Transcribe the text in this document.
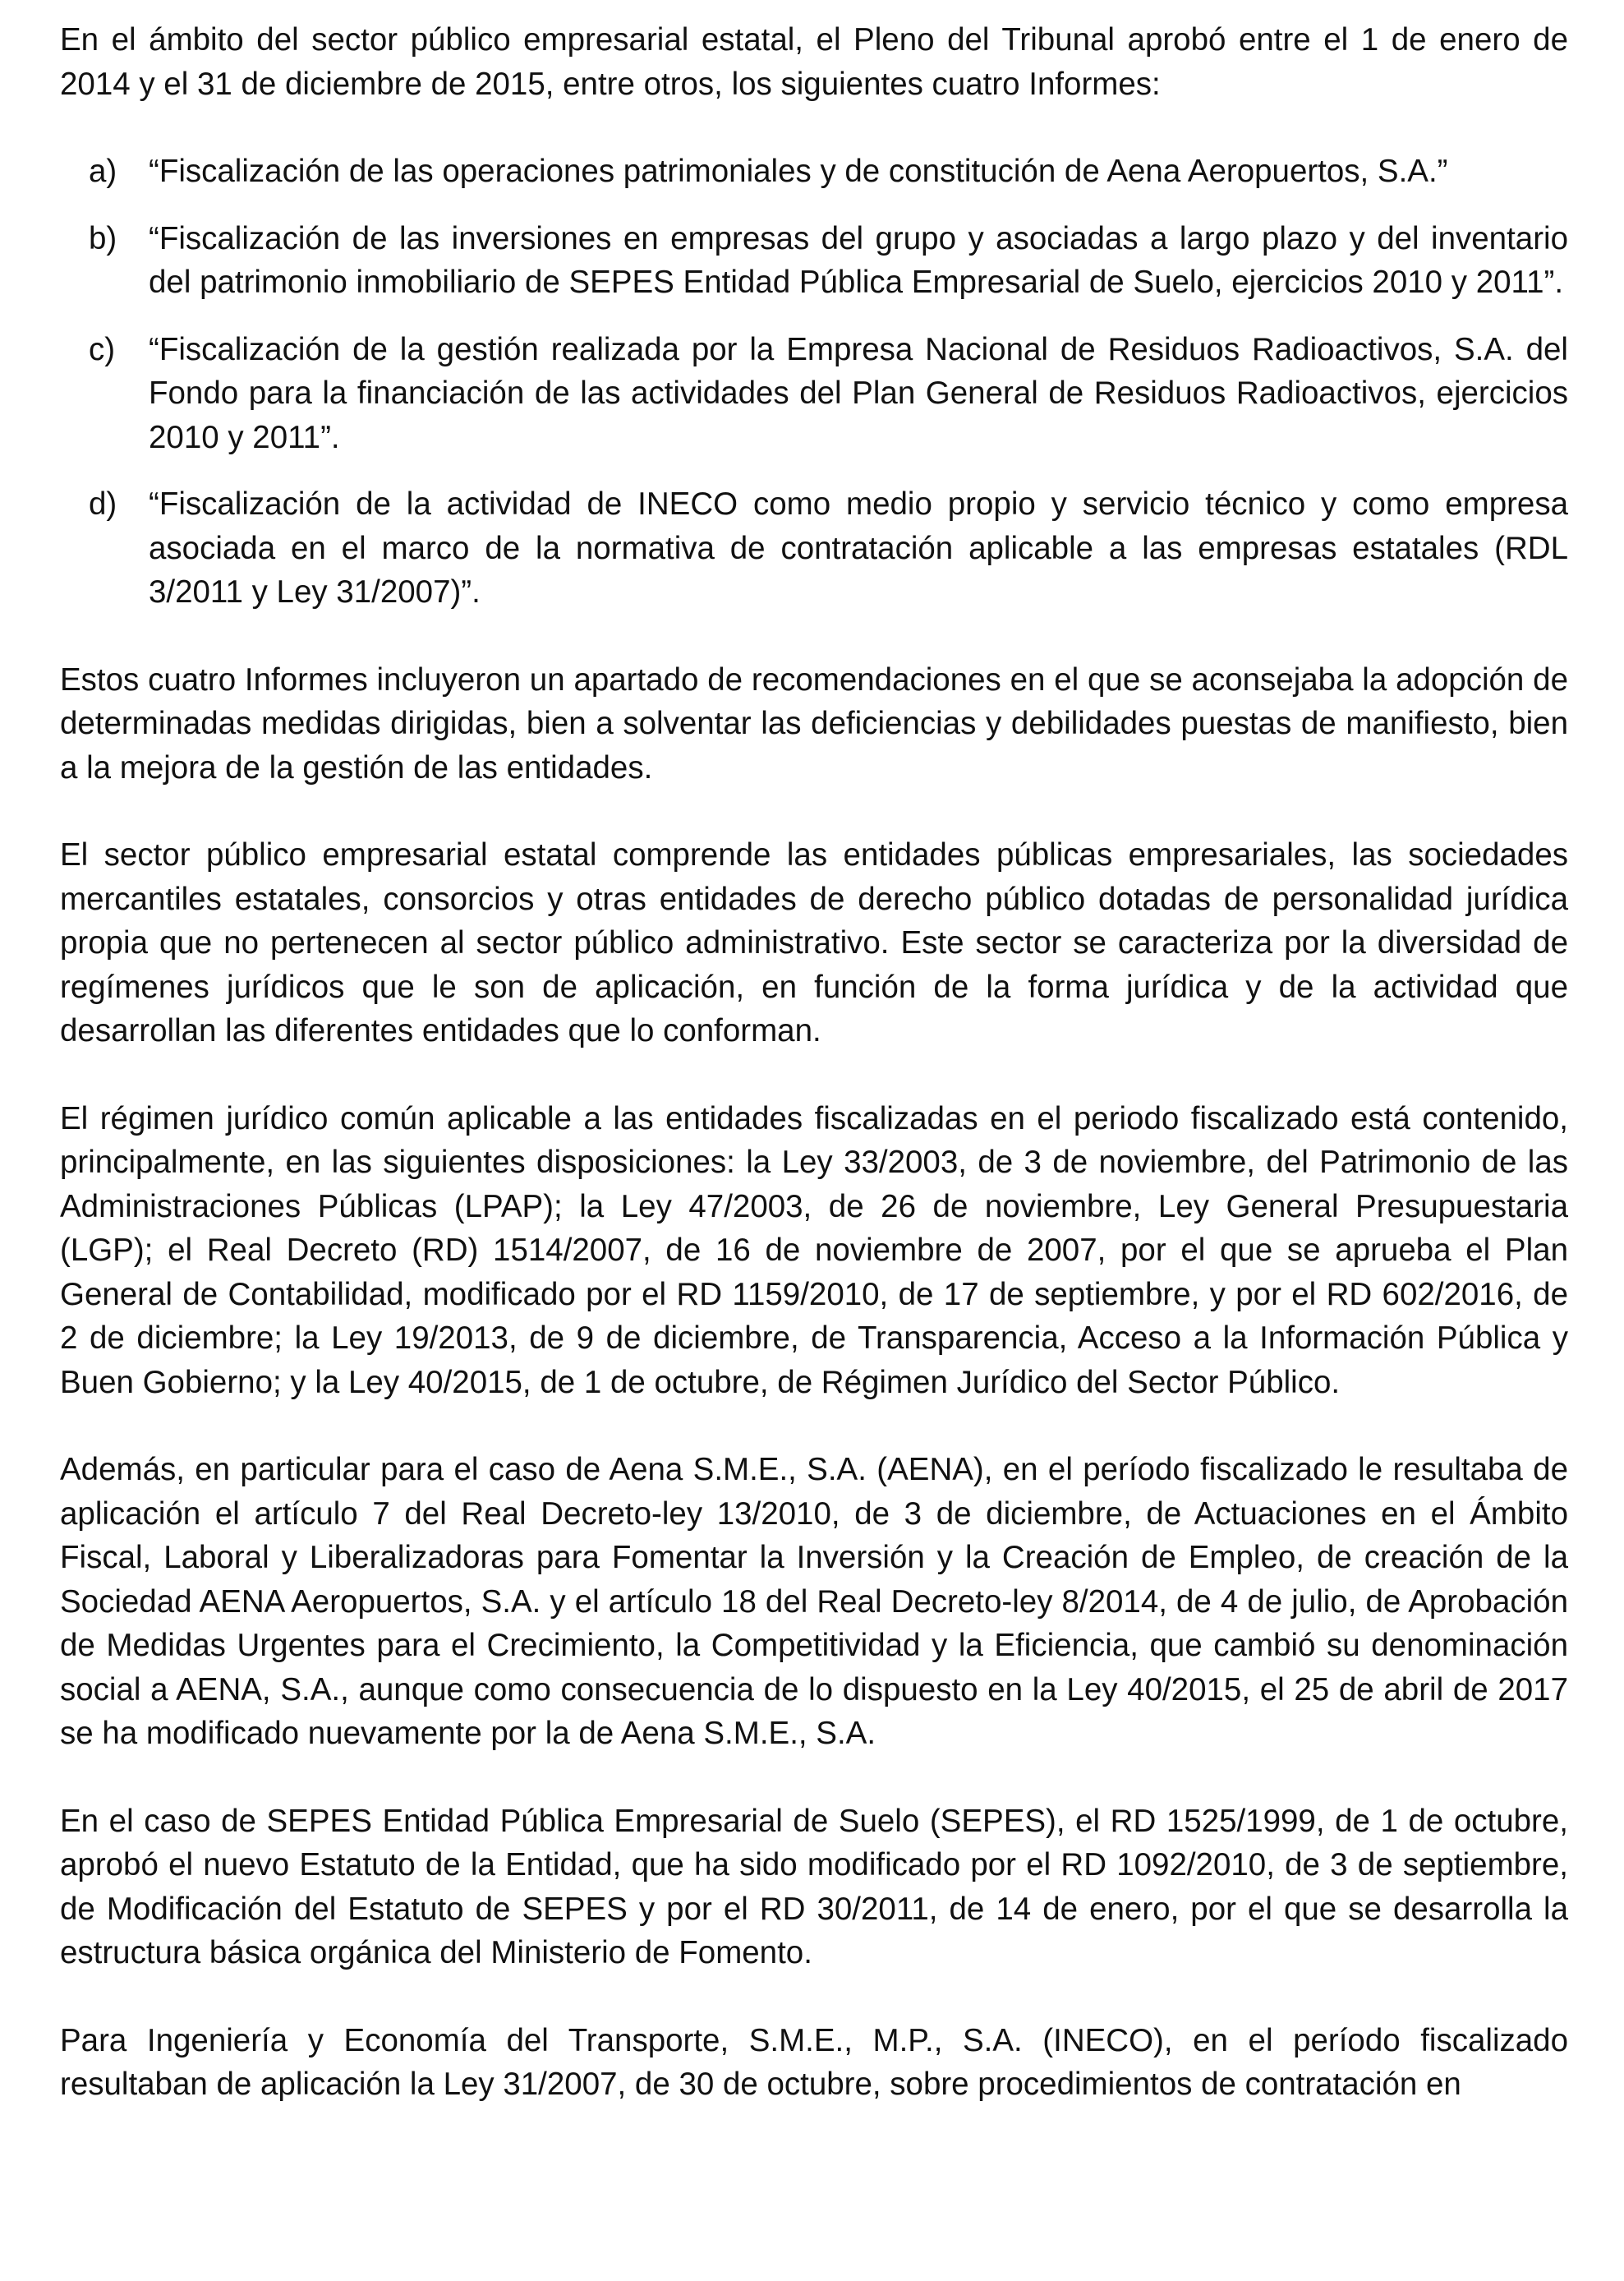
En el ámbito del sector público empresarial estatal, el Pleno del Tribunal aprobó entre el 1 de enero de 2014 y el 31 de diciembre de 2015, entre otros, los siguientes cuatro Informes:

a)	“Fiscalización de las operaciones patrimoniales y de constitución de Aena Aeropuertos, S.A.”
b)	“Fiscalización de las inversiones en empresas del grupo y asociadas a largo plazo y del inventario del patrimonio inmobiliario de SEPES Entidad Pública Empresarial de Suelo, ejercicios 2010 y 2011”.
c)	“Fiscalización de la gestión realizada por la Empresa Nacional de Residuos Radioactivos, S.A. del Fondo para la financiación de las actividades del Plan General de Residuos Radioactivos, ejercicios 2010 y 2011”.
d)	“Fiscalización de la actividad de INECO como medio propio y servicio técnico y como empresa asociada en el marco de la normativa de contratación aplicable a las empresas estatales (RDL 3/2011 y Ley 31/2007)”.

Estos cuatro Informes incluyeron un apartado de recomendaciones en el que se aconsejaba la adopción de determinadas medidas dirigidas, bien a solventar las deficiencias y debilidades puestas de manifiesto, bien a la mejora de la gestión de las entidades.

El sector público empresarial estatal comprende las entidades públicas empresariales, las sociedades mercantiles estatales, consorcios y otras entidades de derecho público dotadas de personalidad jurídica propia que no pertenecen al sector público administrativo. Este sector se caracteriza por la diversidad de regímenes jurídicos que le son de aplicación, en función de la forma jurídica y de la actividad que desarrollan las diferentes entidades que lo conforman.

El régimen jurídico común aplicable a las entidades fiscalizadas en el periodo fiscalizado está contenido, principalmente, en las siguientes disposiciones: la Ley 33/2003, de 3 de noviembre, del Patrimonio de las Administraciones Públicas (LPAP); la Ley 47/2003, de 26 de noviembre, Ley General Presupuestaria (LGP); el Real Decreto (RD) 1514/2007, de 16 de noviembre de 2007, por el que se aprueba el Plan General de Contabilidad, modificado por el RD 1159/2010, de 17 de septiembre, y por el RD 602/2016, de 2 de diciembre; la Ley 19/2013, de 9 de diciembre, de Transparencia, Acceso a la Información Pública y Buen Gobierno; y la Ley 40/2015, de 1 de octubre, de Régimen Jurídico del Sector Público.

Además, en particular para el caso de Aena S.M.E., S.A. (AENA), en el período fiscalizado le resultaba de aplicación el artículo 7 del Real Decreto-ley 13/2010, de 3 de diciembre, de Actuaciones en el Ámbito Fiscal, Laboral y Liberalizadoras para Fomentar la Inversión y la Creación de Empleo, de creación de la Sociedad AENA Aeropuertos, S.A. y el artículo 18 del Real Decreto-ley 8/2014, de 4 de julio, de Aprobación de Medidas Urgentes para el Crecimiento, la Competitividad y la Eficiencia, que cambió su denominación social a AENA, S.A., aunque como consecuencia de lo dispuesto en la Ley 40/2015, el 25 de abril de 2017 se ha modificado nuevamente por la de Aena S.M.E., S.A.

En el caso de SEPES Entidad Pública Empresarial de Suelo (SEPES), el RD 1525/1999, de 1 de octubre, aprobó el nuevo Estatuto de la Entidad, que ha sido modificado por el RD 1092/2010, de 3 de septiembre, de Modificación del Estatuto de SEPES y por el RD 30/2011, de 14 de enero, por el que se desarrolla la estructura básica orgánica del Ministerio de Fomento.

Para Ingeniería y Economía del Transporte, S.M.E., M.P., S.A. (INECO), en el período fiscalizado resultaban de aplicación la Ley 31/2007, de 30 de octubre, sobre procedimientos de contratación en
